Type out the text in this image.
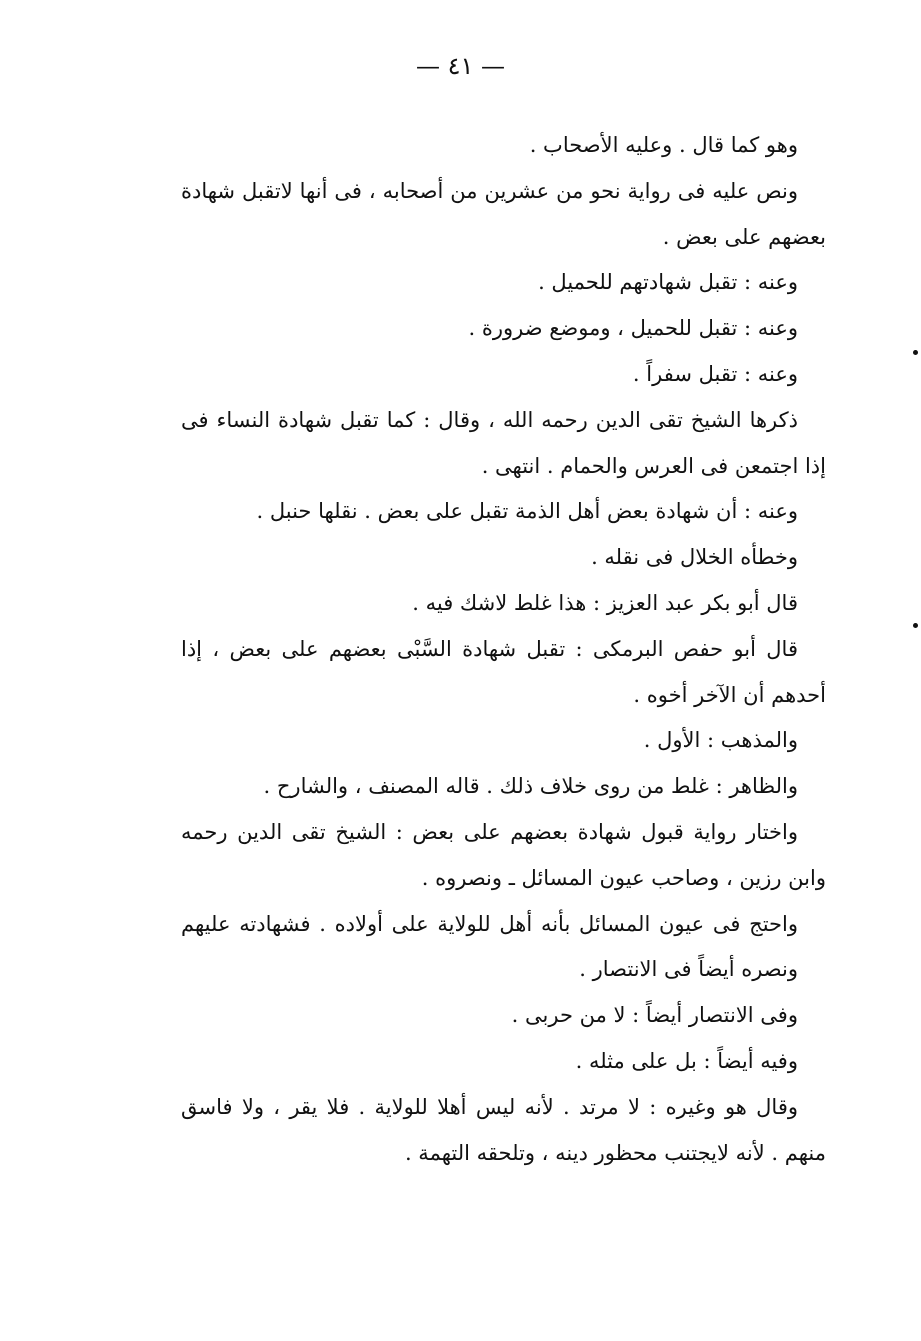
— ٤١ —
وهو كما قال . وعليه الأصحاب .
ونص عليه فى رواية نحو من عشرين من أصحابه ، فى أنها لاتقبل شهادة
بعضهم على بعض .
وعنه : تقبل شهادتهم للحميل .
وعنه : تقبل للحميل ، وموضع ضرورة .
وعنه : تقبل سفراً .
ذكرها الشيخ تقى الدين رحمه الله ، وقال : كما تقبل شهادة النساء فى
إذا اجتمعن فى العرس والحمام . انتهى .
وعنه : أن شهادة بعض أهل الذمة تقبل على بعض . نقلها حنبل .
وخطأه الخلال فى نقله .
قال أبو بكر عبد العزيز : هذا غلط لاشك فيه .
قال أبو حفص البرمكى : تقبل شهادة السَّبْى بعضهم على بعض ، إذا
أحدهم أن الآخر أخوه .
والمذهب : الأول .
والظاهر : غلط من روى خلاف ذلك . قاله المصنف ، والشارح .
واختار رواية قبول شهادة بعضهم على بعض : الشيخ تقى الدين رحمه
وابن رزين ، وصاحب عيون المسائل ـ ونصروه .
واحتج فى عيون المسائل بأنه أهل للولاية على أولاده . فشهادته عليهم
ونصره أيضاً فى الانتصار .
وفى الانتصار أيضاً : لا من حربى .
وفيه أيضاً : بل على مثله .
وقال هو وغيره : لا مرتد . لأنه ليس أهلا للولاية . فلا يقر ، ولا فاسق
منهم . لأنه لايجتنب محظور دينه ، وتلحقه التهمة .
